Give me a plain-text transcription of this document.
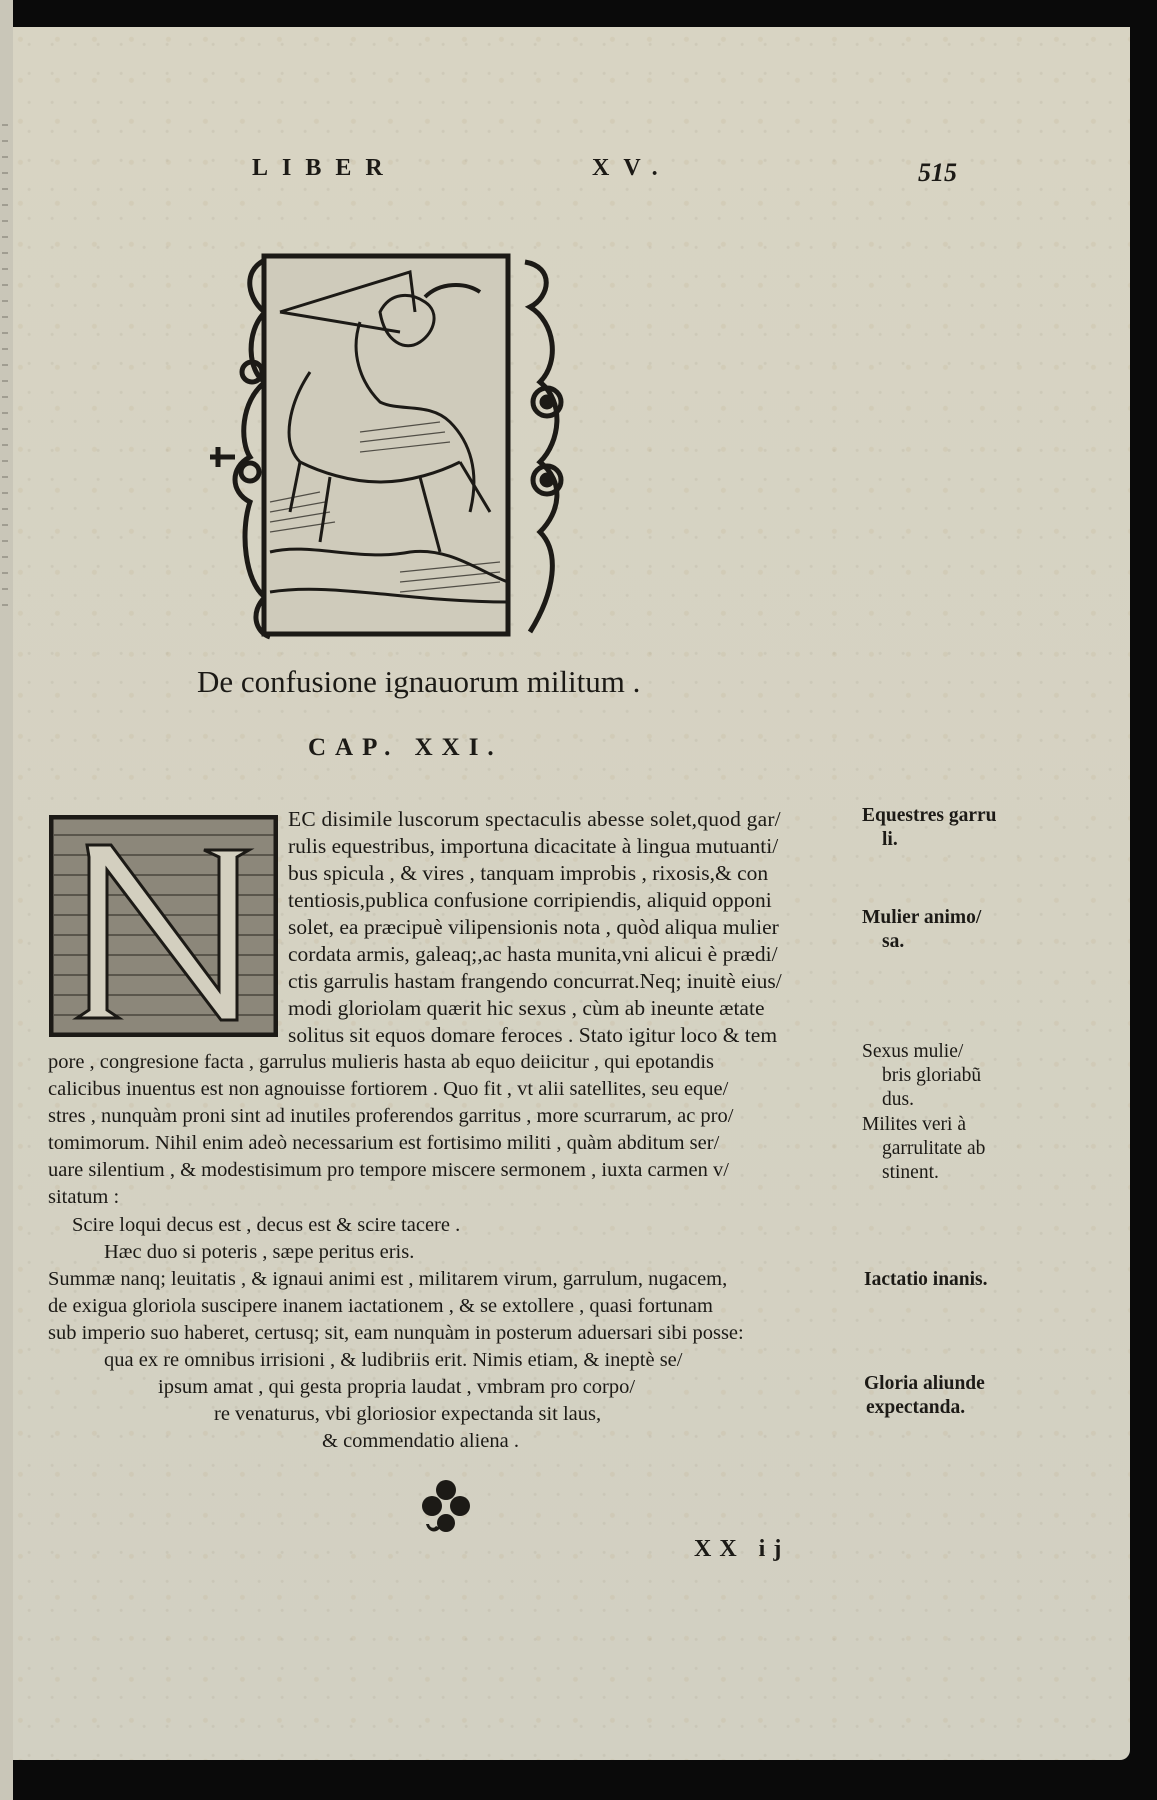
LIBER	XV.	515
De confusione ignauorum militum .
CAP. XXI.
EC disimile luscorum spectaculis abesse solet,quod gar/
rulis equestribus, importuna dicacitate à lingua mutuanti/
bus spicula , & vires , tanquam improbis , rixosis,& con
tentiosis,publica confusione corripiendis, aliquid opponi
solet, ea præcipuè vilipensionis nota , quòd aliqua mulier
cordata armis, galeaq;,ac hasta munita,vni alicui è prædi/
ctis garrulis hastam frangendo concurrat.Neq; inuitè eius/
modi gloriolam quærit hic sexus , cùm ab ineunte ætate
solitus sit equos domare feroces . Stato igitur loco & tem
pore , congresione facta , garrulus mulieris hasta ab equo deiicitur , qui epotandis
calicibus inuentus est non agnouisse fortiorem . Quo fit , vt alii satellites, seu eque/
stres , nunquàm proni sint ad inutiles proferendos garritus , more scurrarum, ac pro/
tomimorum. Nihil enim adeò necessarium est fortisimo militi , quàm abditum ser/
uare silentium , & modestisimum pro tempore miscere sermonem , iuxta carmen v/
sitatum :
Scire loqui decus est , decus est & scire tacere .
Hæc duo si poteris , sæpe peritus eris.
Summæ nanq; leuitatis , & ignaui animi est , militarem virum, garrulum, nugacem,
de exigua gloriola suscipere inanem iactationem , & se extollere , quasi fortunam
sub imperio suo haberet, certusq; sit, eam nunquàm in posterum aduersari sibi posse:
qua ex re omnibus irrisioni , & ludibriis erit. Nimis etiam, & ineptè se/
ipsum amat , qui gesta propria laudat , vmbram pro corpo/
re venaturus, vbi gloriosior expectanda sit laus,
& commendatio aliena .
Equestres garru
li.
Mulier animo/
sa.
Sexus mulie/
bris gloriabũ
dus.
Milites veri à
garrulitate ab
stinent.
Iactatio inanis.
Gloria aliunde
expectanda.
XX ij
